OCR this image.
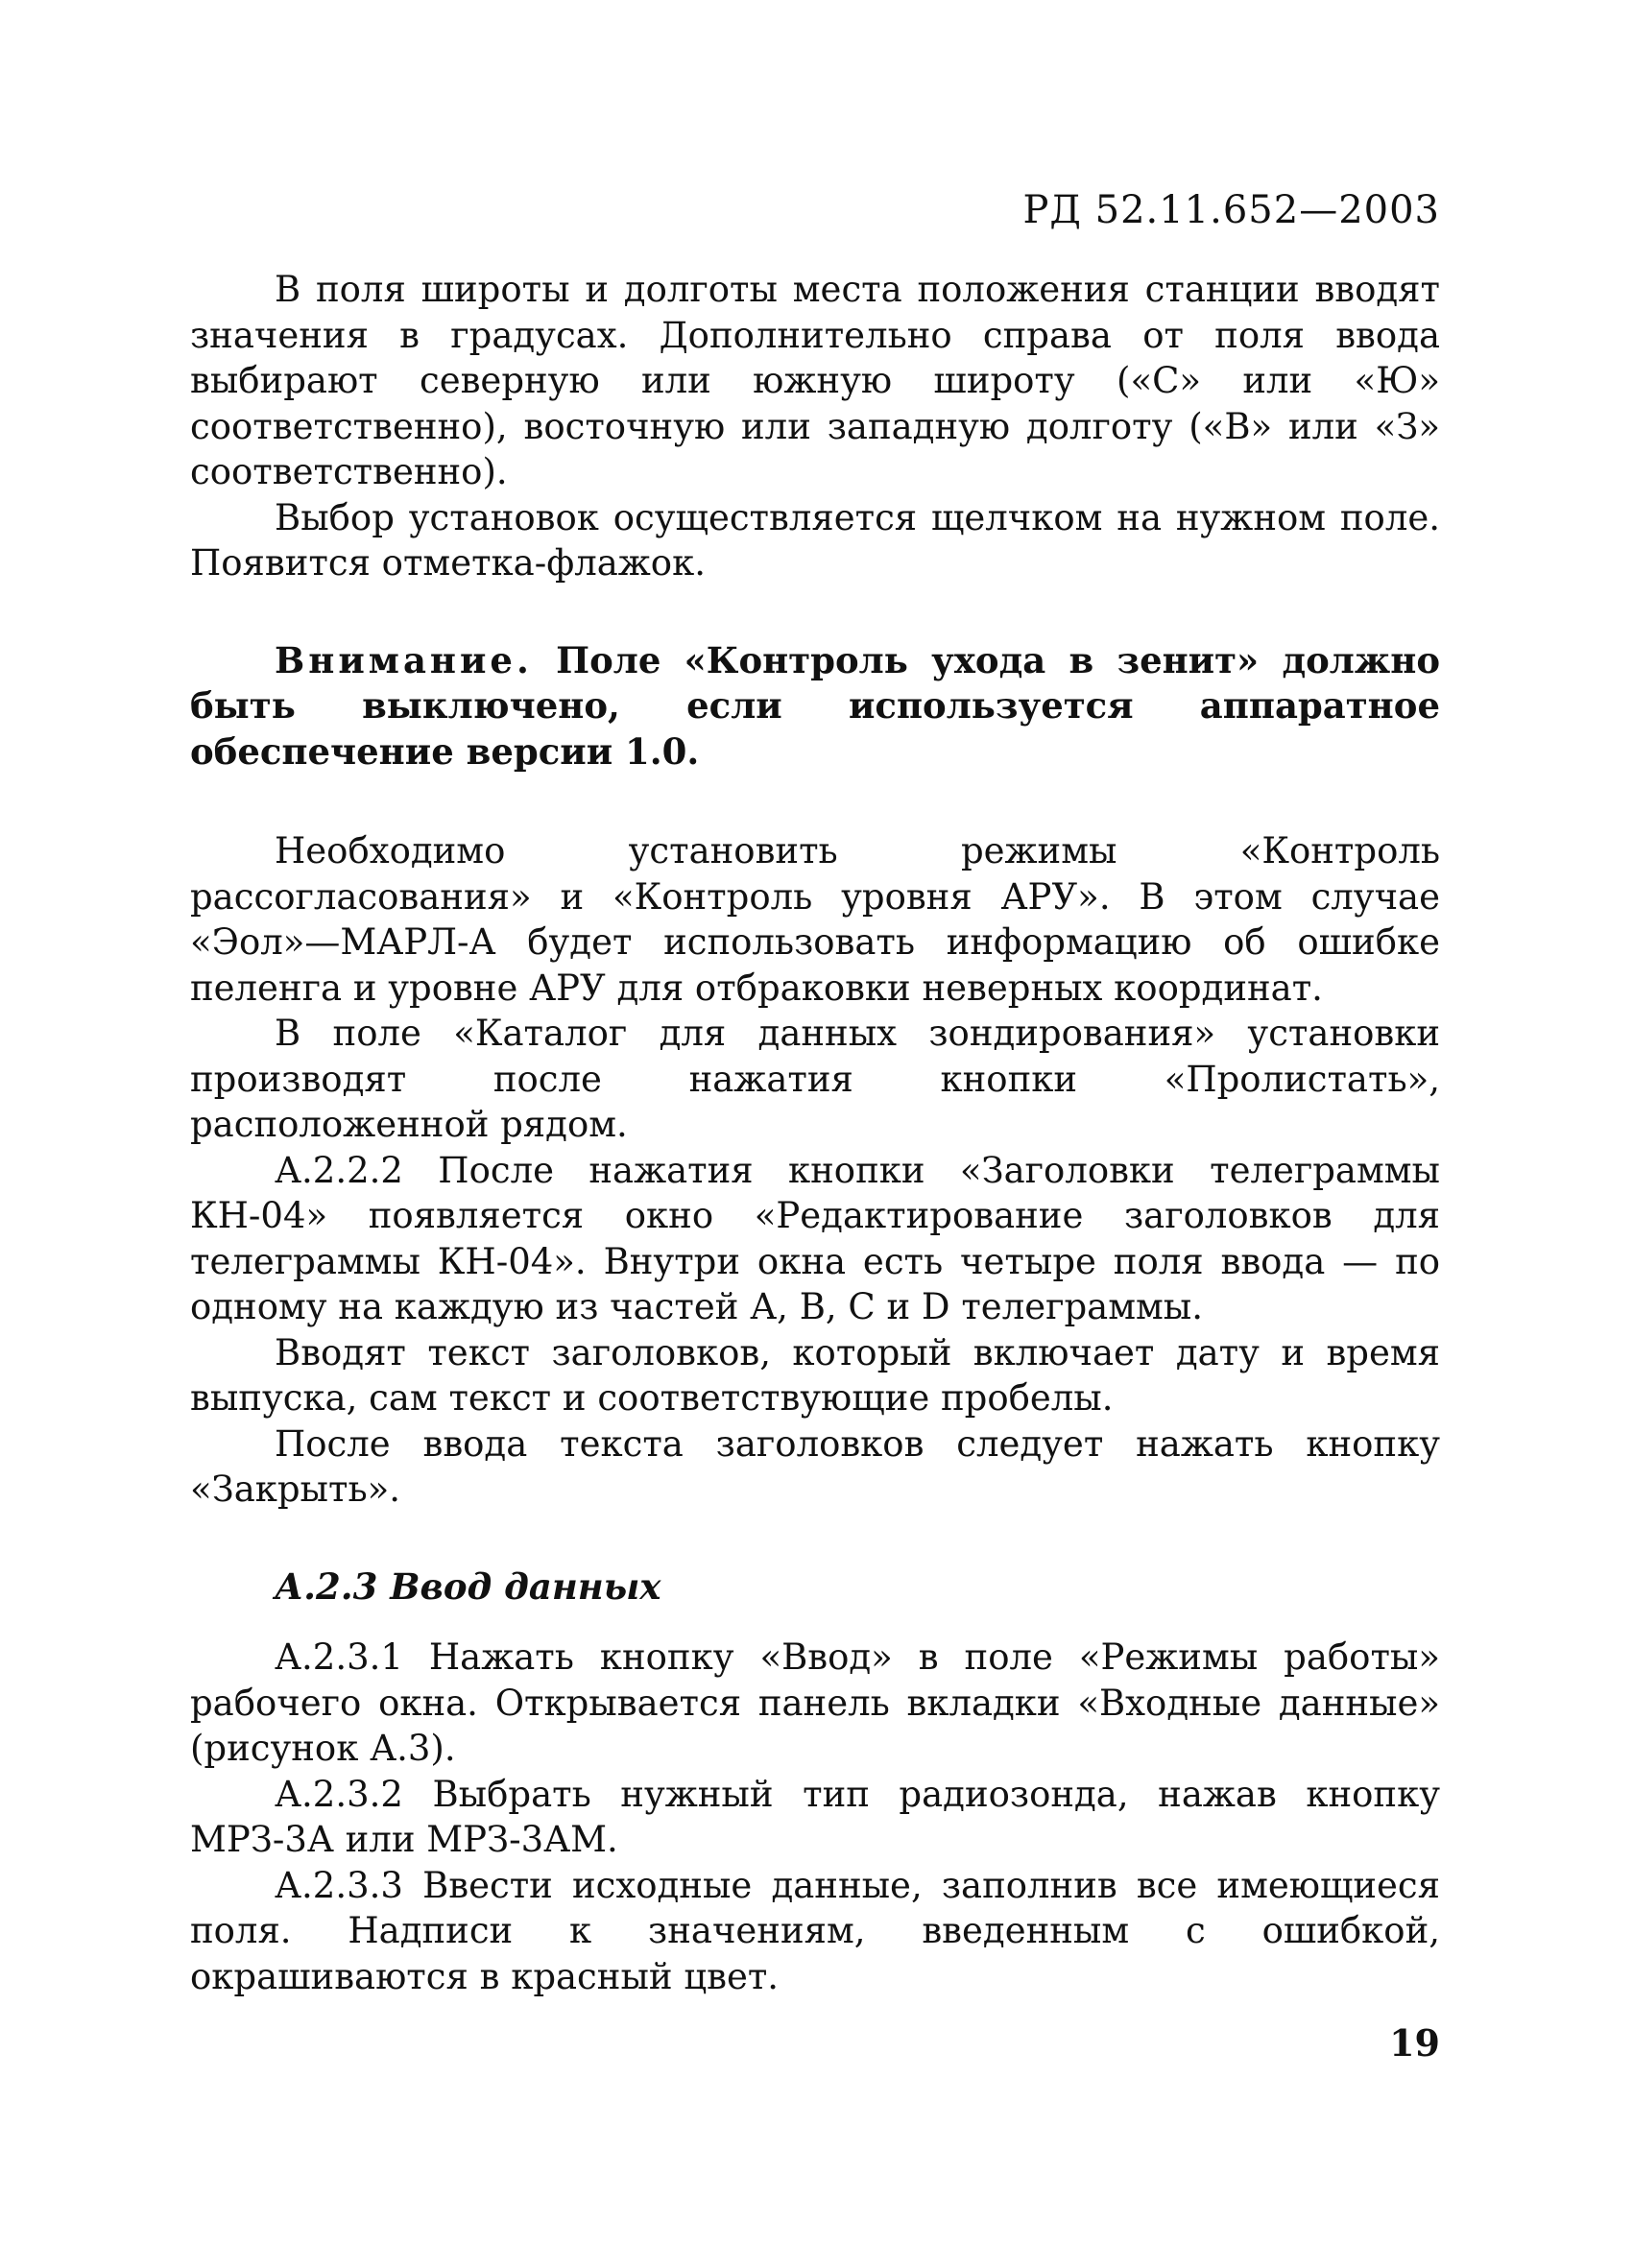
РД 52.11.652—2003

В поля широты и долготы места положения станции вводят значения в градусах. Дополнительно справа от поля ввода выбирают северную или южную широту («С» или «Ю» соответственно), восточную или западную долготу («В» или «З» соответственно).

Выбор установок осуществляется щелчком на нужном поле. Появится отметка-флажок.

Внимание. Поле «Контроль ухода в зенит» должно быть выключено, если используется аппаратное обеспечение версии 1.0.

Необходимо установить режимы «Контроль рассогласования» и «Контроль уровня АРУ». В этом случае «Эол»—МАРЛ-А будет использовать информацию об ошибке пеленга и уровне АРУ для отбраковки неверных координат.

В поле «Каталог для данных зондирования» установки производят после нажатия кнопки «Пролистать», расположенной рядом.

А.2.2.2 После нажатия кнопки «Заголовки телеграммы КН-04» появляется окно «Редактирование заголовков для телеграммы КН-04». Внутри окна есть четыре поля ввода — по одному на каждую из частей А, В, С и D телеграммы.

Вводят текст заголовков, который включает дату и время выпуска, сам текст и соответствующие пробелы.

После ввода текста заголовков следует нажать кнопку «Закрыть».

А.2.3 Ввод данных

А.2.3.1 Нажать кнопку «Ввод» в поле «Режимы работы» рабочего окна. Открывается панель вкладки «Входные данные» (рисунок А.3).

А.2.3.2 Выбрать нужный тип радиозонда, нажав кнопку МРЗ-3А или МРЗ-3АМ.

А.2.3.3 Ввести исходные данные, заполнив все имеющиеся поля. Надписи к значениям, введенным с ошибкой, окрашиваются в красный цвет.

19
